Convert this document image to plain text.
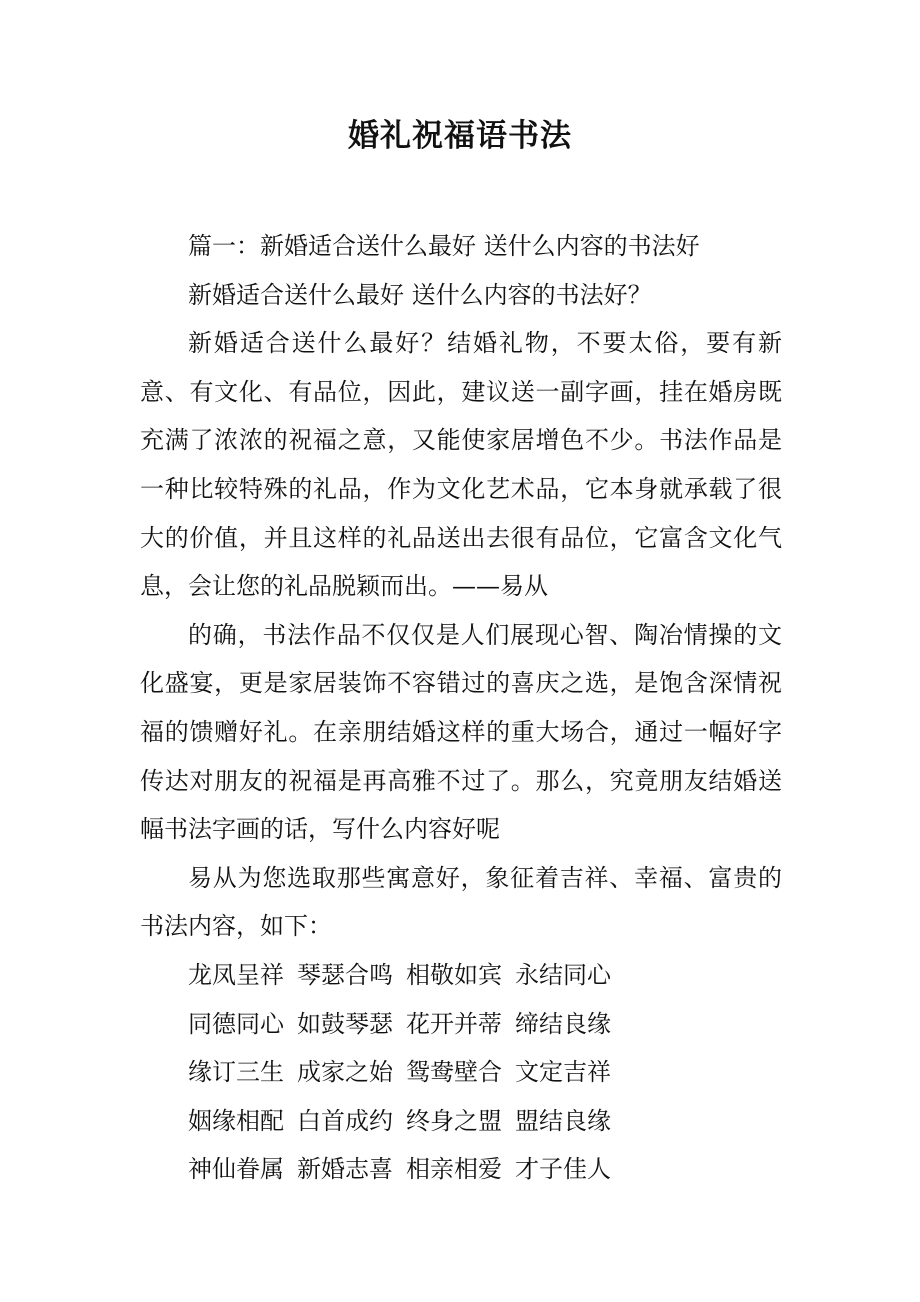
婚礼祝福语书法

篇一：新婚适合送什么最好 送什么内容的书法好

新婚适合送什么最好 送什么内容的书法好？

新婚适合送什么最好？结婚礼物，不要太俗，要有新意、有文化、有品位，因此，建议送一副字画，挂在婚房既充满了浓浓的祝福之意，又能使家居增色不少。书法作品是一种比较特殊的礼品，作为文化艺术品，它本身就承载了很大的价值，并且这样的礼品送出去很有品位，它富含文化气息，会让您的礼品脱颖而出。——易从

的确，书法作品不仅仅是人们展现心智、陶冶情操的文化盛宴，更是家居装饰不容错过的喜庆之选，是饱含深情祝福的馈赠好礼。在亲朋结婚这样的重大场合，通过一幅好字传达对朋友的祝福是再高雅不过了。那么，究竟朋友结婚送幅书法字画的话，写什么内容好呢

易从为您选取那些寓意好，象征着吉祥、幸福、富贵的书法内容，如下：

龙凤呈祥 琴瑟合鸣 相敬如宾 永结同心
同德同心 如鼓琴瑟 花开并蒂 缔结良缘
缘订三生 成家之始 鸳鸯壁合 文定吉祥
姻缘相配 白首成约 终身之盟 盟结良缘
神仙眷属 新婚志喜 相亲相爱 才子佳人
